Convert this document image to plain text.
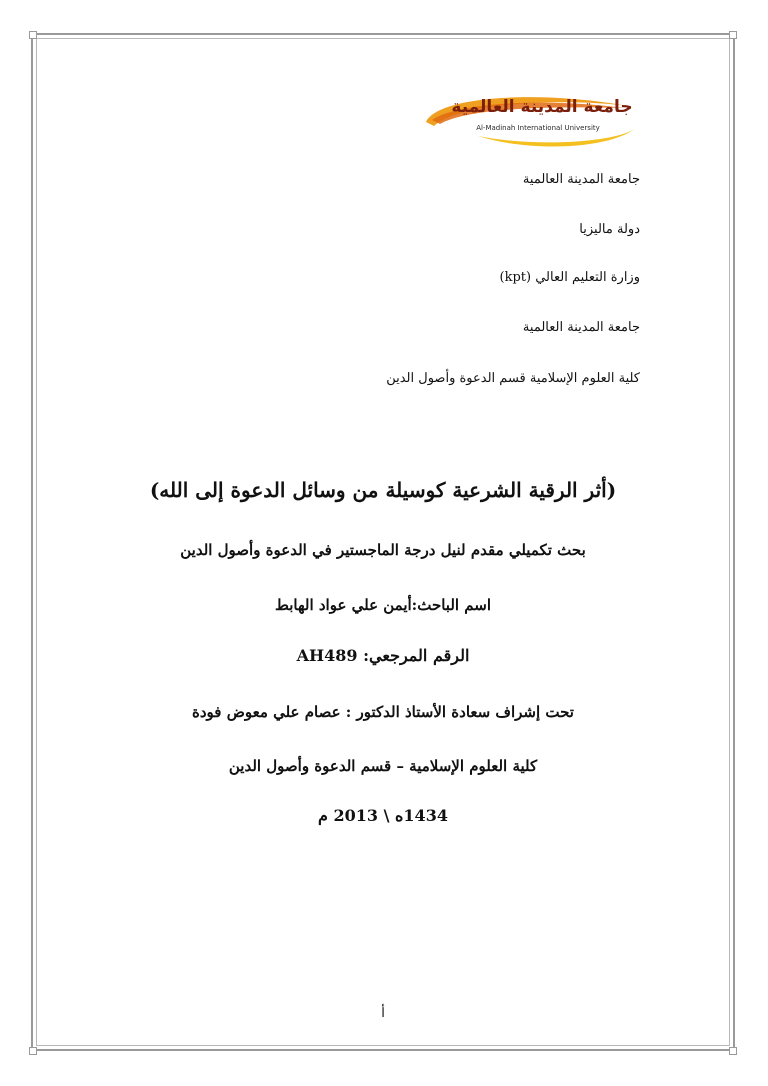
جامعة المدينة العالمية
Al-Madinah International University
جامعة المدينة العالمية
دولة ماليزيا
وزارة التعليم العالي (kpt)
جامعة المدينة العالمية
كلية العلوم الإسلامية قسم الدعوة وأصول الدين
(أثر الرقية الشرعية كوسيلة من وسائل الدعوة إلى الله)
بحث تكميلي مقدم لنيل درجة الماجستير في الدعوة وأصول الدين
اسم الباحث:أيمن علي عواد الهابط
الرقم المرجعي: AH489
تحت إشراف سعادة الأستاذ الدكتور : عصام علي معوض فودة
كلية العلوم الإسلامية – قسم الدعوة وأصول الدين
1434ه \ 2013 م
أ
